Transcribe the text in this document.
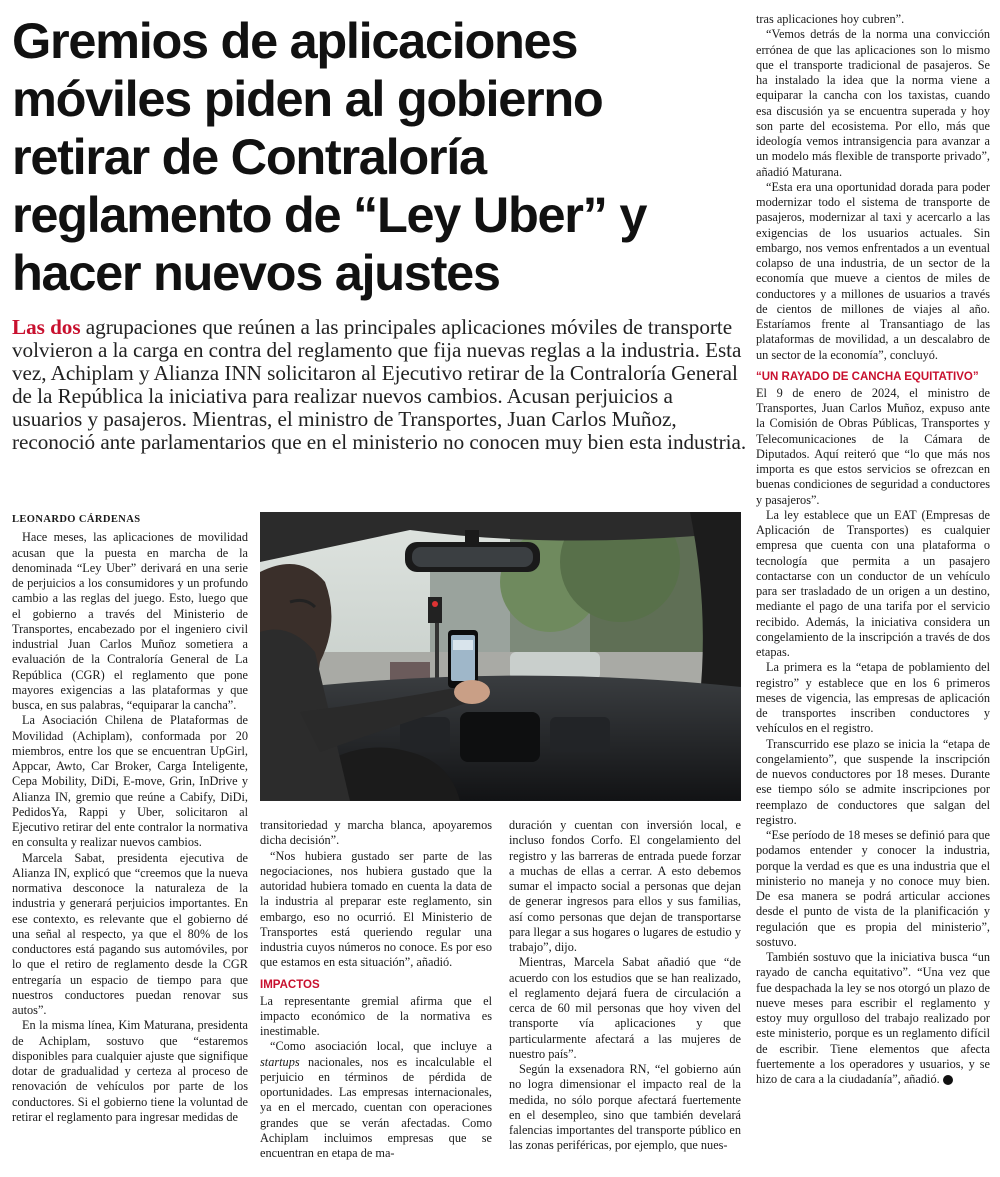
Gremios de aplicaciones móviles piden al gobierno retirar de Contraloría reglamento de “Ley Uber” y hacer nuevos ajustes
Las dos agrupaciones que reúnen a las principales aplicaciones móviles de transporte volvieron a la carga en contra del reglamento que fija nuevas reglas a la industria. Esta vez, Achiplam y Alianza INN solicitaron al Ejecutivo retirar de la Contraloría General de la República la iniciativa para realizar nuevos cambios. Acusan perjuicios a usuarios y pasajeros. Mientras, el ministro de Transportes, Juan Carlos Muñoz, reconoció ante parlamentarios que en el ministerio no conocen muy bien esta industria.
LEONARDO CÁRDENAS

Hace meses, las aplicaciones de movilidad acusan que la puesta en marcha de la denominada “Ley Uber” derivará en una serie de perjuicios a los consumidores y un profundo cambio a las reglas del juego. Esto, luego que el gobierno a través del Ministerio de Transportes, encabezado por el ingeniero civil industrial Juan Carlos Muñoz sometiera a evaluación de la Contraloría General de La República (CGR) el reglamento que pone mayores exigencias a las plataformas y que busca, en sus palabras, “equiparar la cancha”.

La Asociación Chilena de Plataformas de Movilidad (Achiplam), conformada por 20 miembros, entre los que se encuentran UpGirl, Appcar, Awto, Car Broker, Carga Inteligente, Cepa Mobility, DiDi, E-move, Grin, InDrive y Alianza IN, gremio que reúne a Cabify, DiDi, PedidosYa, Rappi y Uber, solicitaron al Ejecutivo retirar del ente contralor la normativa en consulta y realizar nuevos cambios.

Marcela Sabat, presidenta ejecutiva de Alianza IN, explicó que “creemos que la nueva normativa desconoce la naturaleza de la industria y generará perjuicios importantes. En ese contexto, es relevante que el gobierno dé una señal al respecto, ya que el 80% de los conductores está pagando sus automóviles, por lo que el retiro de reglamento desde la CGR entregaría un espacio de tiempo para que nuestros conductores puedan renovar sus autos”.

En la misma línea, Kim Maturana, presidenta de Achiplam, sostuvo que “estaremos disponibles para cualquier ajuste que signifique dotar de gradualidad y certeza al proceso de renovación de vehículos por parte de los conductores. Si el gobierno tiene la voluntad de retirar el reglamento para ingresar medidas de

transitoriedad y marcha blanca, apoyaremos dicha decisión”.

“Nos hubiera gustado ser parte de las negociaciones, nos hubiera gustado que la autoridad hubiera tomado en cuenta la data de la industria al preparar este reglamento, sin embargo, eso no ocurrió. El Ministerio de Transportes está queriendo regular una industria cuyos números no conoce. Es por eso que estamos en esta situación”, añadió.

IMPACTOS

La representante gremial afirma que el impacto económico de la normativa es inestimable.

“Como asociación local, que incluye a startups nacionales, nos es incalculable el perjuicio en términos de pérdida de oportunidades. Las empresas internacionales, ya en el mercado, cuentan con operaciones grandes que se verán afectadas. Como Achiplam incluimos empresas que se encuentran en etapa de ma-

duración y cuentan con inversión local, e incluso fondos Corfo. El congelamiento del registro y las barreras de entrada puede forzar a muchas de ellas a cerrar. A esto debemos sumar el impacto social a personas que dejan de generar ingresos para ellos y sus familias, así como personas que dejan de transportarse para llegar a sus hogares o lugares de estudio y trabajo”, dijo.

Mientras, Marcela Sabat añadió que “de acuerdo con los estudios que se han realizado, el reglamento dejará fuera de circulación a cerca de 60 mil personas que hoy viven del transporte vía aplicaciones y que particularmente afectará a las mujeres de nuestro país”.

Según la exsenadora RN, “el gobierno aún no logra dimensionar el impacto real de la medida, no sólo porque afectará fuertemente en el desempleo, sino que también develará falencias importantes del transporte público en las zonas periféricas, por ejemplo, que nues-

tras aplicaciones hoy cubren”.

“Vemos detrás de la norma una convicción errónea de que las aplicaciones son lo mismo que el transporte tradicional de pasajeros. Se ha instalado la idea que la norma viene a equiparar la cancha con los taxistas, cuando esa discusión ya se encuentra superada y hoy son parte del ecosistema. Por ello, más que ideología vemos intransigencia para avanzar a un modelo más flexible de transporte privado”, añadió Maturana.

“Esta era una oportunidad dorada para poder modernizar todo el sistema de transporte de pasajeros, modernizar al taxi y acercarlo a las exigencias de los usuarios actuales. Sin embargo, nos vemos enfrentados a un eventual colapso de una industria, de un sector de la economía que mueve a cientos de miles de conductores y a millones de usuarios a través de cientos de millones de viajes al año. Estaríamos frente al Transantiago de las plataformas de movilidad, a un descalabro de un sector de la economía”, concluyó.

“UN RAYADO DE CANCHA EQUITATIVO”

El 9 de enero de 2024, el ministro de Transportes, Juan Carlos Muñoz, expuso ante la Comisión de Obras Públicas, Transportes y Telecomunicaciones de la Cámara de Diputados. Aquí reiteró que “lo que más nos importa es que estos servicios se ofrezcan en buenas condiciones de seguridad a conductores y pasajeros”.

La ley establece que un EAT (Empresas de Aplicación de Transportes) es cualquier empresa que cuenta con una plataforma o tecnología que permita a un pasajero contactarse con un conductor de un vehículo para ser trasladado de un origen a un destino, mediante el pago de una tarifa por el servicio recibido. Además, la iniciativa considera un congelamiento de la inscripción a través de dos etapas.

La primera es la “etapa de poblamiento del registro” y establece que en los 6 primeros meses de vigencia, las empresas de aplicación de transportes inscriben conductores y vehículos en el registro.

Transcurrido ese plazo se inicia la “etapa de congelamiento”, que suspende la inscripción de nuevos conductores por 18 meses. Durante ese tiempo sólo se admite inscripciones por reemplazo de conductores que salgan del registro.

“Ese período de 18 meses se definió para que podamos entender y conocer la industria, porque la verdad es que es una industria que el ministerio no maneja y no conoce muy bien. De esa manera se podrá articular acciones desde el punto de vista de la planificación y regulación que es propia del ministerio”, sostuvo.

También sostuvo que la iniciativa busca “un rayado de cancha equitativo”. “Una vez que fue despachada la ley se nos otorgó un plazo de nueve meses para escribir el reglamento y estoy muy orgulloso del trabajo realizado por este ministerio, porque es un reglamento difícil de escribir. Tiene elementos que afecta fuertemente a los operadores y usuarios, y se hizo de cara a la ciudadanía”, añadió. P
